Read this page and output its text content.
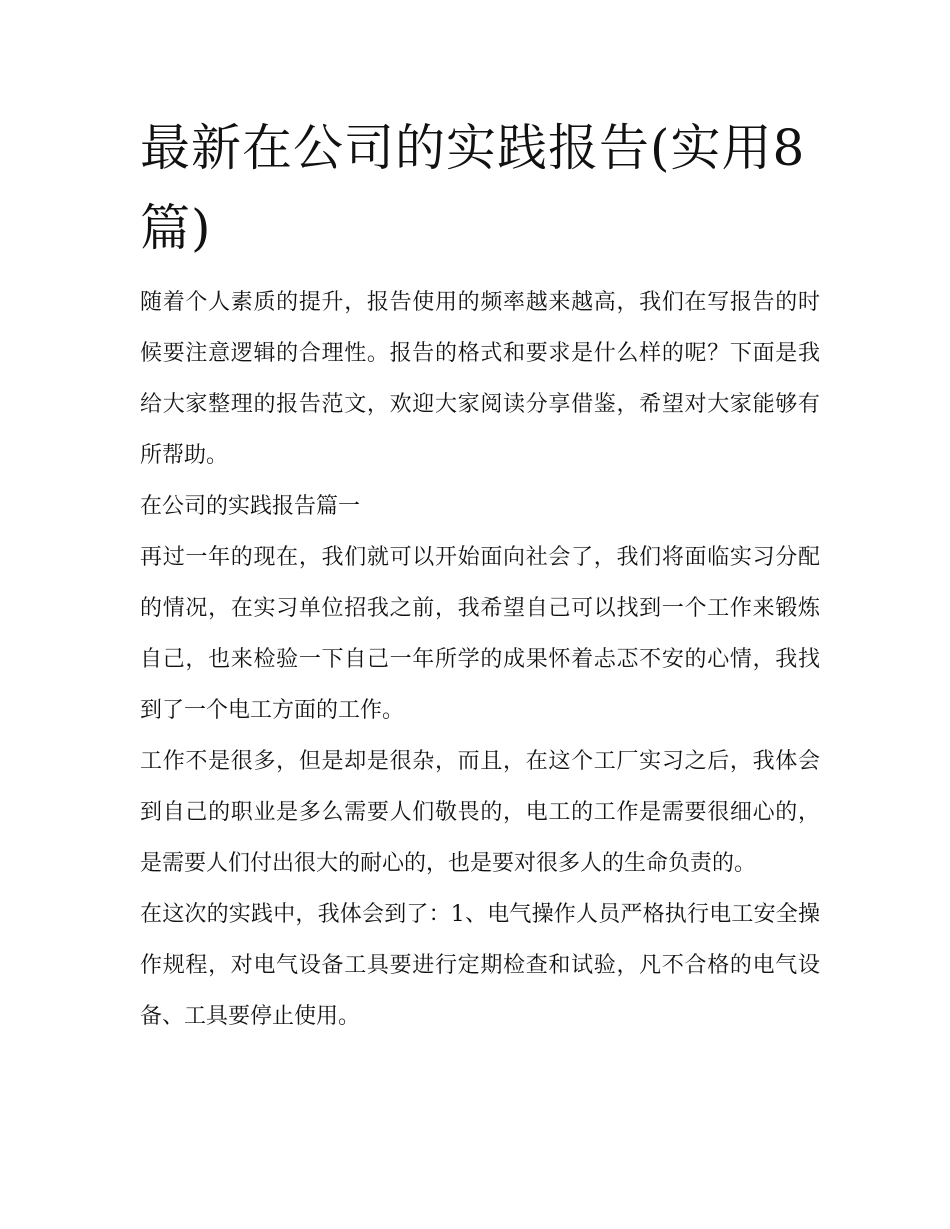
最新在公司的实践报告(实用8篇)

随着个人素质的提升，报告使用的频率越来越高，我们在写报告的时候要注意逻辑的合理性。报告的格式和要求是什么样的呢？下面是我给大家整理的报告范文，欢迎大家阅读分享借鉴，希望对大家能够有所帮助。

在公司的实践报告篇一

再过一年的现在，我们就可以开始面向社会了，我们将面临实习分配的情况，在实习单位招我之前，我希望自己可以找到一个工作来锻炼自己，也来检验一下自己一年所学的成果怀着忐忑不安的心情，我找到了一个电工方面的工作。

工作不是很多，但是却是很杂，而且，在这个工厂实习之后，我体会到自己的职业是多么需要人们敬畏的，电工的工作是需要很细心的，是需要人们付出很大的耐心的，也是要对很多人的生命负责的。

在这次的实践中，我体会到了：1、电气操作人员严格执行电工安全操作规程，对电气设备工具要进行定期检查和试验，凡不合格的电气设备、工具要停止使用。
